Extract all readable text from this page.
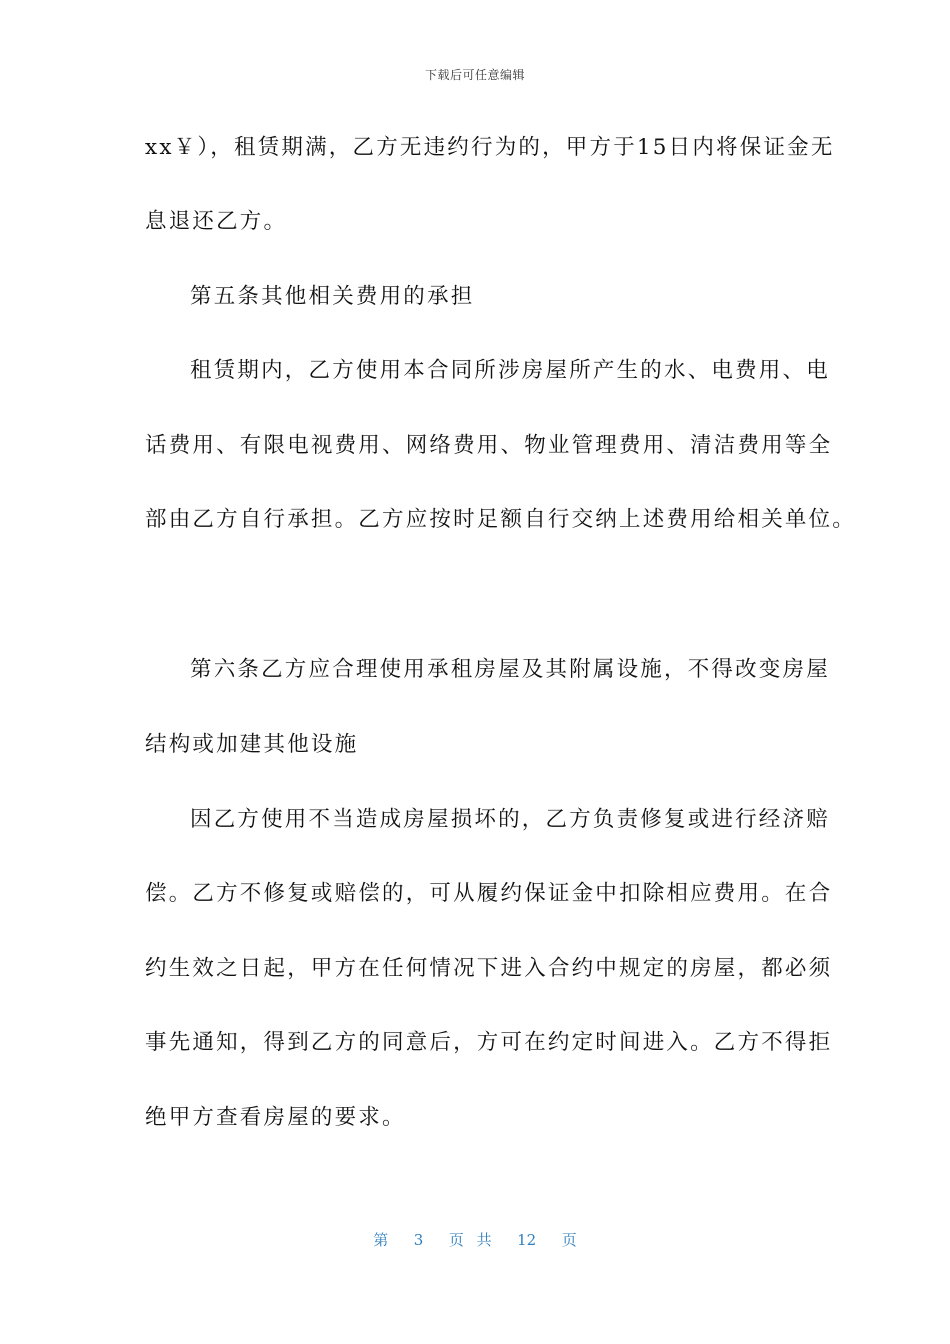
下载后可任意编辑
xx￥），租赁期满，乙方无违约行为的，甲方于15日内将保证金无
息退还乙方。
第五条其他相关费用的承担
租赁期内，乙方使用本合同所涉房屋所产生的水、电费用、电
话费用、有限电视费用、网络费用、物业管理费用、清洁费用等全
部由乙方自行承担。乙方应按时足额自行交纳上述费用给相关单位。
第六条乙方应合理使用承租房屋及其附属设施，不得改变房屋
结构或加建其他设施
因乙方使用不当造成房屋损坏的，乙方负责修复或进行经济赔
偿。乙方不修复或赔偿的，可从履约保证金中扣除相应费用。在合
约生效之日起，甲方在任何情况下进入合约中规定的房屋，都必须
事先通知，得到乙方的同意后，方可在约定时间进入。乙方不得拒
绝甲方查看房屋的要求。
第  3  页 共  12  页
